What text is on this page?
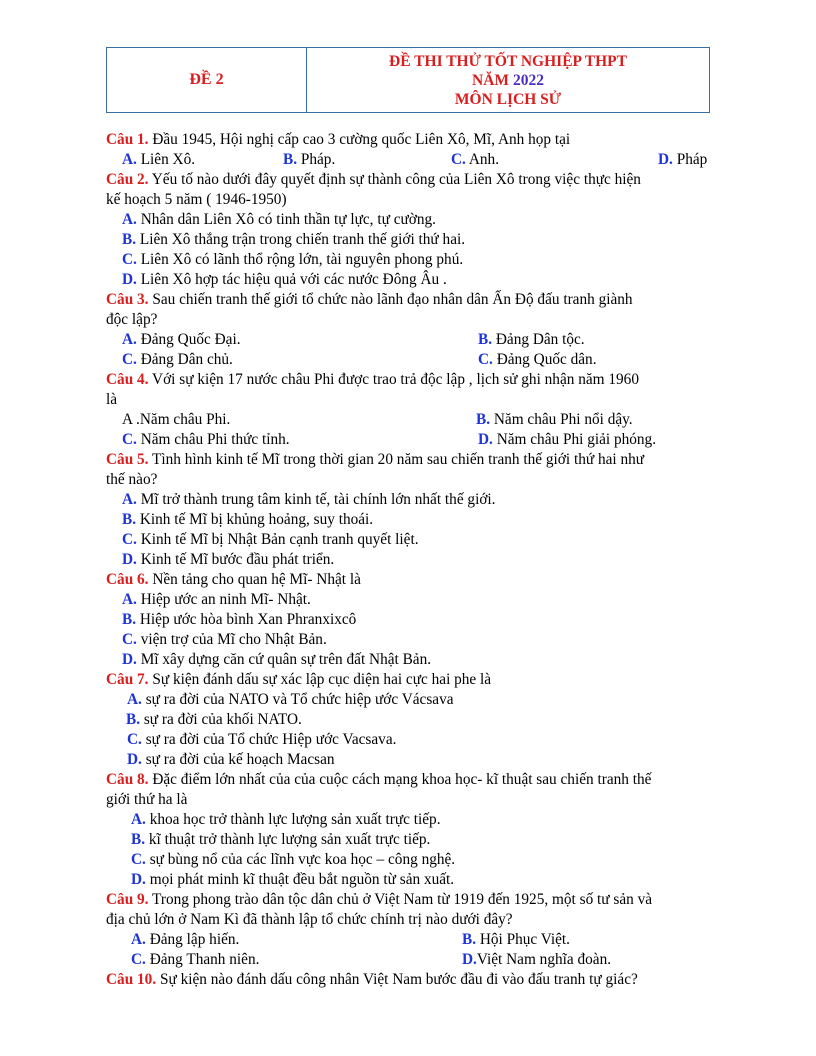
ĐỀ 2
ĐỀ THI THỬ TỐT NGHIỆP THPT
NĂM 2022
MÔN LỊCH SỬ
Câu 1. Đầu 1945, Hội nghị cấp cao 3 cường quốc Liên Xô, Mĩ, Anh họp tại
A. Liên Xô.	B. Pháp.	C. Anh.	D. Pháp
Câu 2. Yếu tố nào dưới đây quyết định sự thành công của Liên Xô trong việc thực hiện
kế hoạch 5 năm ( 1946-1950)
A. Nhân dân Liên Xô có tinh thần tự lực, tự cường.
B. Liên Xô thắng trận trong chiến tranh thế giới thứ hai.
C. Liên Xô có lãnh thổ rộng lớn, tài nguyên phong phú.
D. Liên Xô hợp tác hiệu quả với các nước Đông Âu .
Câu 3. Sau chiến tranh thế giới tổ chức nào lãnh đạo nhân dân Ấn Độ đấu tranh giành
độc lập?
A. Đảng Quốc Đại.	B. Đảng Dân tộc.
C. Đảng Dân chủ.	C. Đảng Quốc dân.
Câu 4. Với sự kiện 17 nước châu Phi được trao trả độc lập , lịch sử ghi nhận năm 1960
là
A .Năm châu Phi.	B. Năm châu Phi nổi dậy.
C. Năm châu Phi thức tỉnh.	D. Năm châu Phi giải phóng.
Câu 5. Tình hình kinh tế Mĩ trong thời gian 20 năm sau chiến tranh thế giới thứ hai như
thế nào?
A. Mĩ trở thành trung tâm kinh tế, tài chính lớn nhất thế giới.
B. Kinh tế Mĩ bị khủng hoảng, suy thoái.
C. Kinh tế Mĩ bị Nhật Bản cạnh tranh quyết liệt.
D. Kinh tế Mĩ bước đầu phát triển.
Câu 6. Nền tảng cho quan hệ Mĩ- Nhật là
A. Hiệp ước an ninh Mĩ- Nhật.
B. Hiệp ước hòa bình Xan Phranxixcô
C. viện trợ của Mĩ cho Nhật Bản.
D. Mĩ xây dựng căn cứ quân sự trên đất Nhật Bản.
Câu 7. Sự kiện đánh dấu sự xác lập cục diện hai cực hai phe là
A. sự ra đời của NATO và Tổ chức hiệp ước Vácsava
B. sự ra đời của khối NATO.
C. sự ra đời của Tổ chức Hiệp ước Vacsava.
D. sự ra đời của kế hoạch Macsan
Câu 8. Đặc điểm lớn nhất của của cuộc cách mạng khoa học- kĩ thuật sau chiến tranh thế
giới thứ ha là
A. khoa học trở thành lực lượng sản xuất trực tiếp.
B. kĩ thuật trở thành lực lượng sản xuất trực tiếp.
C. sự bùng nổ của các lĩnh vực koa học – công nghệ.
D. mọi phát minh kĩ thuật đều bắt nguồn từ sản xuất.
Câu 9. Trong phong trào dân tộc dân chủ ở Việt Nam từ 1919 đến 1925, một số tư sản và
địa chủ lớn ở Nam Kì đã thành lập tổ chức chính trị nào dưới đây?
A. Đảng lập hiến.	B. Hội Phục Việt.
C. Đảng Thanh niên.	D.Việt Nam nghĩa đoàn.
Câu 10. Sự kiện nào đánh dấu công nhân Việt Nam bước đầu đi vào đấu tranh tự giác?
